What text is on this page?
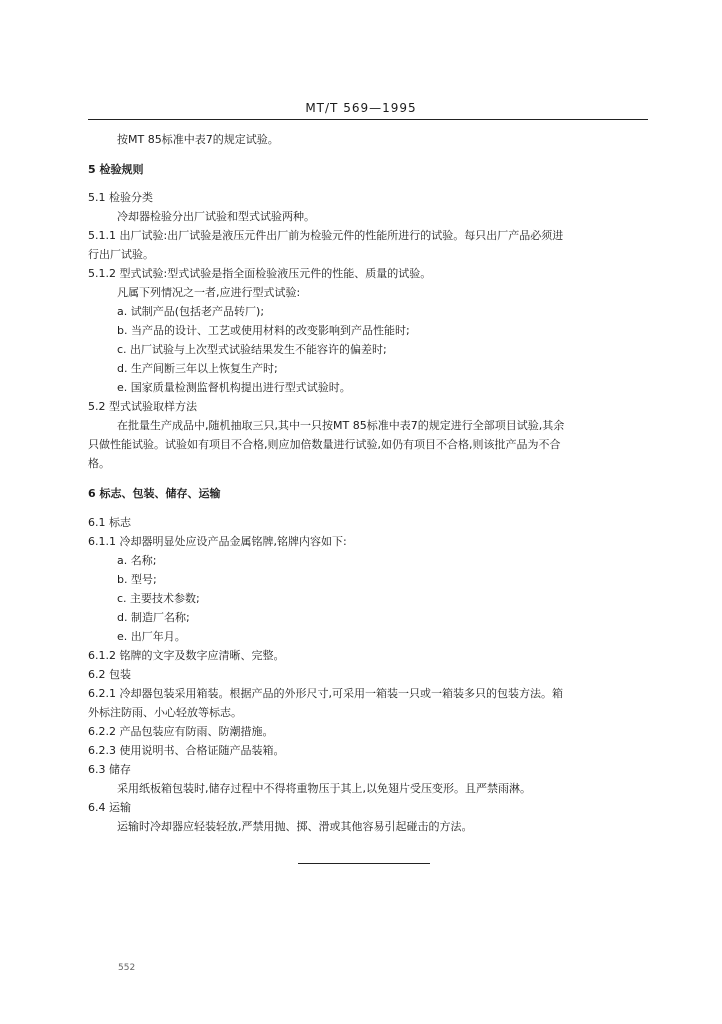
MT/T 569—1995
按MT 85标准中表7的规定试验。
5 检验规则
5.1 检验分类
冷却器检验分出厂试验和型式试验两种。
5.1.1 出厂试验:出厂试验是液压元件出厂前为检验元件的性能所进行的试验。每只出厂产品必须进
行出厂试验。
5.1.2 型式试验:型式试验是指全面检验液压元件的性能、质量的试验。
凡属下列情况之一者,应进行型式试验:
a. 试制产品(包括老产品转厂);
b. 当产品的设计、工艺或使用材料的改变影响到产品性能时;
c. 出厂试验与上次型式试验结果发生不能容许的偏差时;
d. 生产间断三年以上恢复生产时;
e. 国家质量检测监督机构提出进行型式试验时。
5.2 型式试验取样方法
在批量生产成品中,随机抽取三只,其中一只按MT 85标准中表7的规定进行全部项目试验,其余
只做性能试验。试验如有项目不合格,则应加倍数量进行试验,如仍有项目不合格,则该批产品为不合
格。
6 标志、包装、储存、运输
6.1 标志
6.1.1 冷却器明显处应设产品金属铭牌,铭牌内容如下:
a. 名称;
b. 型号;
c. 主要技术参数;
d. 制造厂名称;
e. 出厂年月。
6.1.2 铭牌的文字及数字应清晰、完整。
6.2 包装
6.2.1 冷却器包装采用箱装。根据产品的外形尺寸,可采用一箱装一只或一箱装多只的包装方法。箱
外标注防雨、小心轻放等标志。
6.2.2 产品包装应有防雨、防潮措施。
6.2.3 使用说明书、合格证随产品装箱。
6.3 储存
采用纸板箱包装时,储存过程中不得将重物压于其上,以免翅片受压变形。且严禁雨淋。
6.4 运输
运输时冷却器应轻装轻放,严禁用抛、掷、滑或其他容易引起碰击的方法。
552
